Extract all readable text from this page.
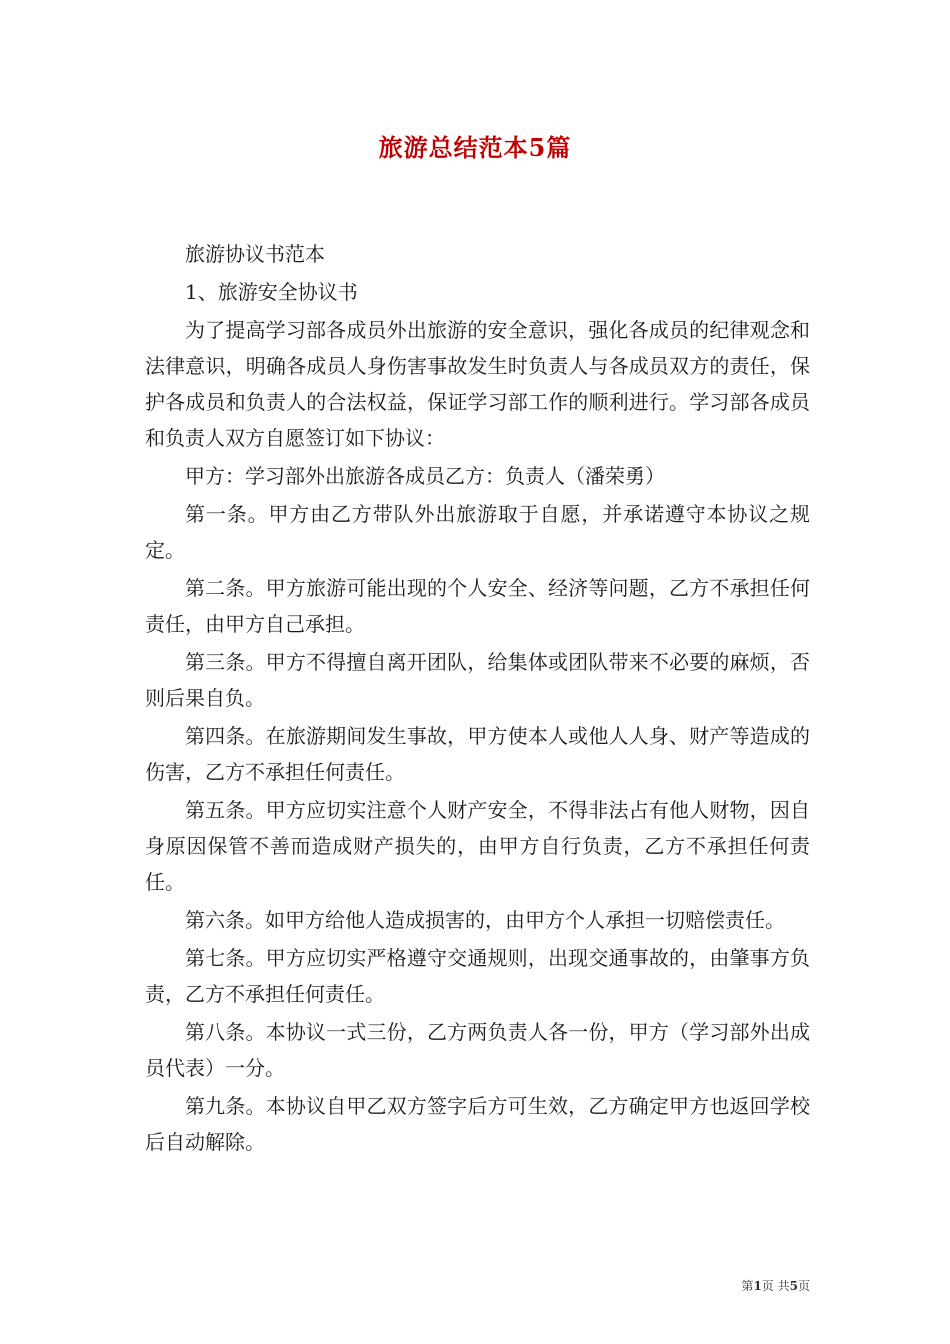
旅游总结范本5篇

旅游协议书范本

1、旅游安全协议书

为了提高学习部各成员外出旅游的安全意识，强化各成员的纪律观念和法律意识，明确各成员人身伤害事故发生时负责人与各成员双方的责任，保护各成员和负责人的合法权益，保证学习部工作的顺利进行。学习部各成员和负责人双方自愿签订如下协议：

甲方：学习部外出旅游各成员乙方：负责人（潘荣勇）

第一条。甲方由乙方带队外出旅游取于自愿，并承诺遵守本协议之规定。

第二条。甲方旅游可能出现的个人安全、经济等问题，乙方不承担任何责任，由甲方自己承担。

第三条。甲方不得擅自离开团队，给集体或团队带来不必要的麻烦，否则后果自负。

第四条。在旅游期间发生事故，甲方使本人或他人人身、财产等造成的伤害，乙方不承担任何责任。

第五条。甲方应切实注意个人财产安全，不得非法占有他人财物，因自身原因保管不善而造成财产损失的，由甲方自行负责，乙方不承担任何责任。

第六条。如甲方给他人造成损害的，由甲方个人承担一切赔偿责任。

第七条。甲方应切实严格遵守交通规则，出现交通事故的，由肇事方负责，乙方不承担任何责任。

第八条。本协议一式三份，乙方两负责人各一份，甲方（学习部外出成员代表）一分。

第九条。本协议自甲乙双方签字后方可生效，乙方确定甲方也返回学校后自动解除。

第1页 共5页
